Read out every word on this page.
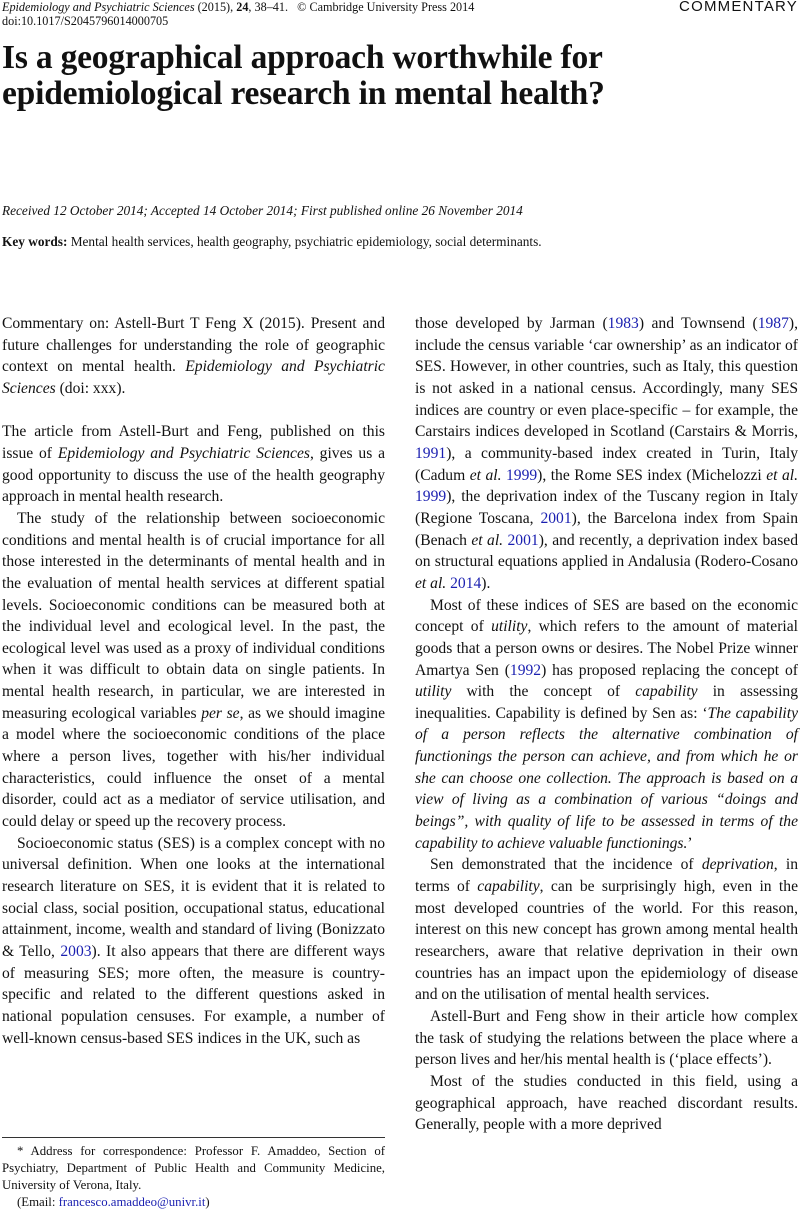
Epidemiology and Psychiatric Sciences (2015), 24, 38–41. © Cambridge University Press 2014
doi:10.1017/S2045796014000705
COMMENTARY
Is a geographical approach worthwhile for epidemiological research in mental health?
Received 12 October 2014; Accepted 14 October 2014; First published online 26 November 2014
Key words: Mental health services, health geography, psychiatric epidemiology, social determinants.

Commentary on: Astell-Burt T Feng X (2015). Present and future challenges for understanding the role of geographic context on mental health. Epidemiology and Psychiatric Sciences (doi: xxx).

The article from Astell-Burt and Feng, published on this issue of Epidemiology and Psychiatric Sciences, gives us a good opportunity to discuss the use of the health geography approach in mental health research.

The study of the relationship between socioeconomic conditions and mental health is of crucial importance for all those interested in the determinants of mental health and in the evaluation of mental health services at different spatial levels. Socioeconomic conditions can be measured both at the individual level and ecological level. In the past, the ecological level was used as a proxy of individual conditions when it was difficult to obtain data on single patients. In mental health research, in particular, we are interested in measuring ecological variables per se, as we should imagine a model where the socioeconomic conditions of the place where a person lives, together with his/her individual characteristics, could influence the onset of a mental disorder, could act as a mediator of service utilisation, and could delay or speed up the recovery process.

Socioeconomic status (SES) is a complex concept with no universal definition. When one looks at the international research literature on SES, it is evident that it is related to social class, social position, occupational status, educational attainment, income, wealth and standard of living (Bonizzato & Tello, 2003). It also appears that there are different ways of measuring SES; more often, the measure is country-specific and related to the different questions asked in national population censuses. For example, a number of well-known census-based SES indices in the UK, such as

* Address for correspondence: Professor F. Amaddeo, Section of Psychiatry, Department of Public Health and Community Medicine, University of Verona, Italy.

(Email: francesco.amaddeo@univr.it)

those developed by Jarman (1983) and Townsend (1987), include the census variable ‘car ownership’ as an indicator of SES. However, in other countries, such as Italy, this question is not asked in a national census. Accordingly, many SES indices are country or even place-specific – for example, the Carstairs indices developed in Scotland (Carstairs & Morris, 1991), a community-based index created in Turin, Italy (Cadum et al. 1999), the Rome SES index (Michelozzi et al. 1999), the deprivation index of the Tuscany region in Italy (Regione Toscana, 2001), the Barcelona index from Spain (Benach et al. 2001), and recently, a deprivation index based on structural equations applied in Andalusia (Rodero-Cosano et al. 2014).

Most of these indices of SES are based on the economic concept of utility, which refers to the amount of material goods that a person owns or desires. The Nobel Prize winner Amartya Sen (1992) has proposed replacing the concept of utility with the concept of capability in assessing inequalities. Capability is defined by Sen as: ‘The capability of a person reflects the alternative combination of functionings the person can achieve, and from which he or she can choose one collection. The approach is based on a view of living as a combination of various “doings and beings”, with quality of life to be assessed in terms of the capability to achieve valuable functionings.’

Sen demonstrated that the incidence of deprivation, in terms of capability, can be surprisingly high, even in the most developed countries of the world. For this reason, interest on this new concept has grown among mental health researchers, aware that relative deprivation in their own countries has an impact upon the epidemiology of disease and on the utilisation of mental health services.

Astell-Burt and Feng show in their article how complex the task of studying the relations between the place where a person lives and her/his mental health is (‘place effects’).

Most of the studies conducted in this field, using a geographical approach, have reached discordant results. Generally, people with a more deprived
